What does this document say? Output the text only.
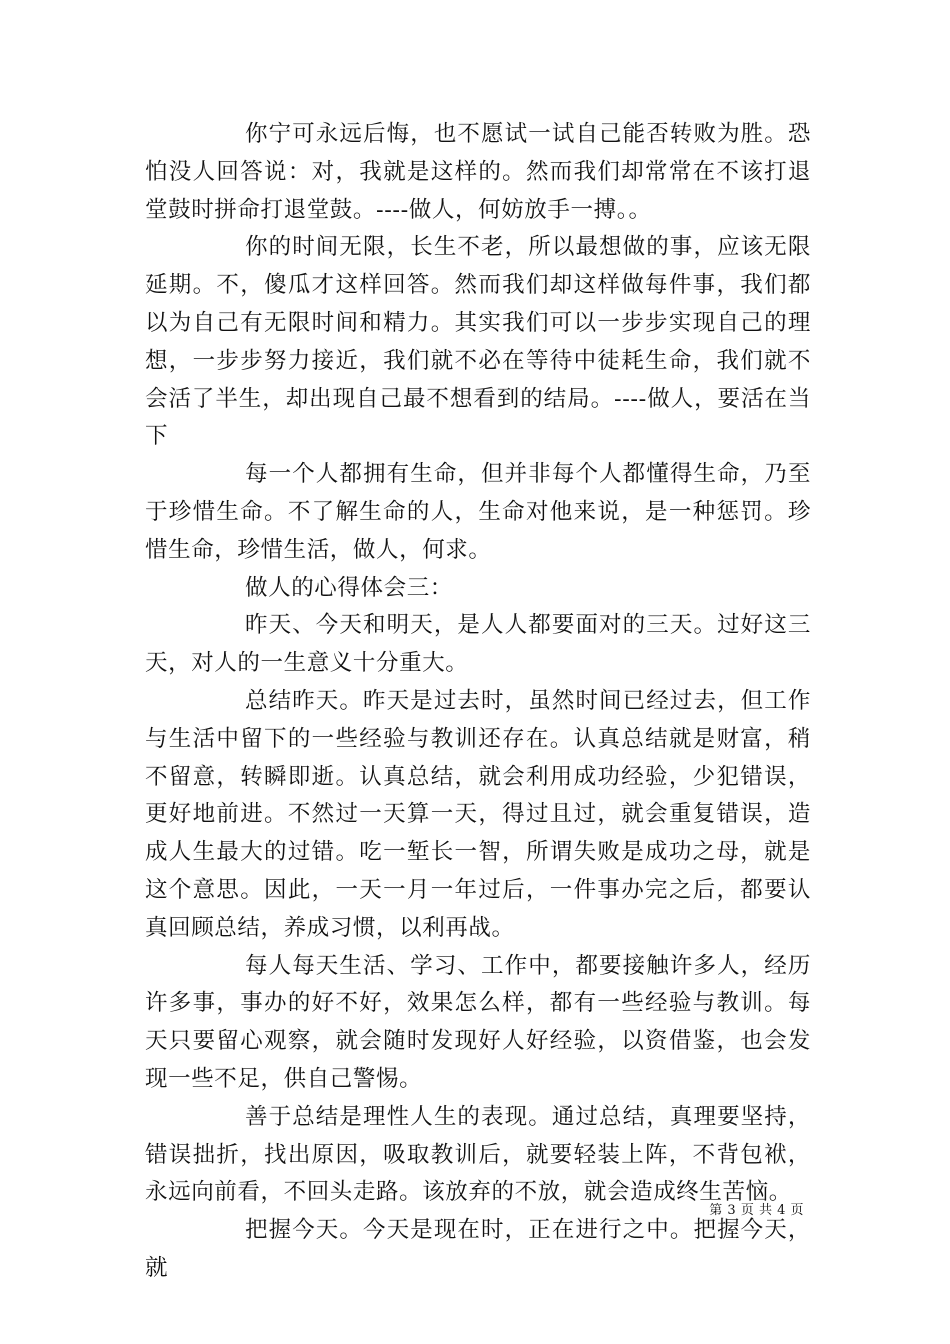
你宁可永远后悔，也不愿试一试自己能否转败为胜。恐怕没人回答说：对，我就是这样的。然而我们却常常在不该打退堂鼓时拼命打退堂鼓。----做人，何妨放手一搏。。

你的时间无限，长生不老，所以最想做的事，应该无限延期。不，傻瓜才这样回答。然而我们却这样做每件事，我们都以为自己有无限时间和精力。其实我们可以一步步实现自己的理想，一步步努力接近，我们就不必在等待中徒耗生命，我们就不会活了半生，却出现自己最不想看到的结局。----做人，要活在当下

每一个人都拥有生命，但并非每个人都懂得生命，乃至于珍惜生命。不了解生命的人，生命对他来说，是一种惩罚。珍惜生命，珍惜生活，做人，何求。

做人的心得体会三：

昨天、今天和明天，是人人都要面对的三天。过好这三天，对人的一生意义十分重大。

总结昨天。昨天是过去时，虽然时间已经过去，但工作与生活中留下的一些经验与教训还存在。认真总结就是财富，稍不留意，转瞬即逝。认真总结，就会利用成功经验，少犯错误，更好地前进。不然过一天算一天，得过且过，就会重复错误，造成人生最大的过错。吃一堑长一智，所谓失败是成功之母，就是这个意思。因此，一天一月一年过后，一件事办完之后，都要认真回顾总结，养成习惯，以利再战。

每人每天生活、学习、工作中，都要接触许多人，经历许多事，事办的好不好，效果怎么样，都有一些经验与教训。每天只要留心观察，就会随时发现好人好经验，以资借鉴，也会发现一些不足，供自己警惕。

善于总结是理性人生的表现。通过总结，真理要坚持，错误拙折，找出原因，吸取教训后，就要轻装上阵，不背包袱，永远向前看，不回头走路。该放弃的不放，就会造成终生苦恼。

把握今天。今天是现在时，正在进行之中。把握今天，就

第 3 页 共 4 页
